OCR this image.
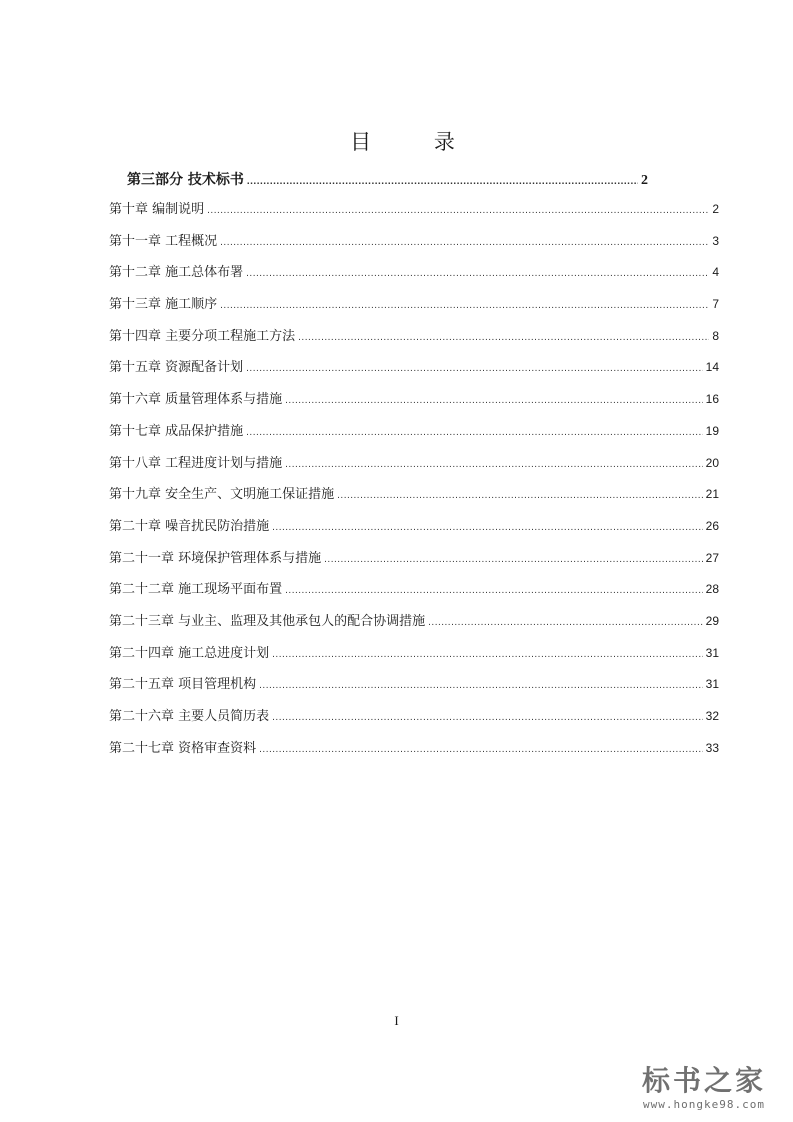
目 录
第三部分 技术标书 .....	2
第十章 编制说明 .....	2
第十一章 工程概况 .....	3
第十二章 施工总体布署 .....	4
第十三章 施工顺序 .....	7
第十四章 主要分项工程施工方法 .....	8
第十五章 资源配备计划 .....	14
第十六章 质量管理体系与措施 .....	16
第十七章 成品保护措施 .....	19
第十八章 工程进度计划与措施 .....	20
第十九章 安全生产、文明施工保证措施 .....	21
第二十章 噪音扰民防治措施 .....	26
第二十一章 环境保护管理体系与措施 .....	27
第二十二章 施工现场平面布置 .....	28
第二十三章 与业主、监理及其他承包人的配合协调措施 .....	29
第二十四章 施工总进度计划 .....	31
第二十五章 项目管理机构 .....	31
第二十六章 主要人员简历表 .....	32
第二十七章 资格审查资料 .....	33
I
标书之家
www.hongke98.com
